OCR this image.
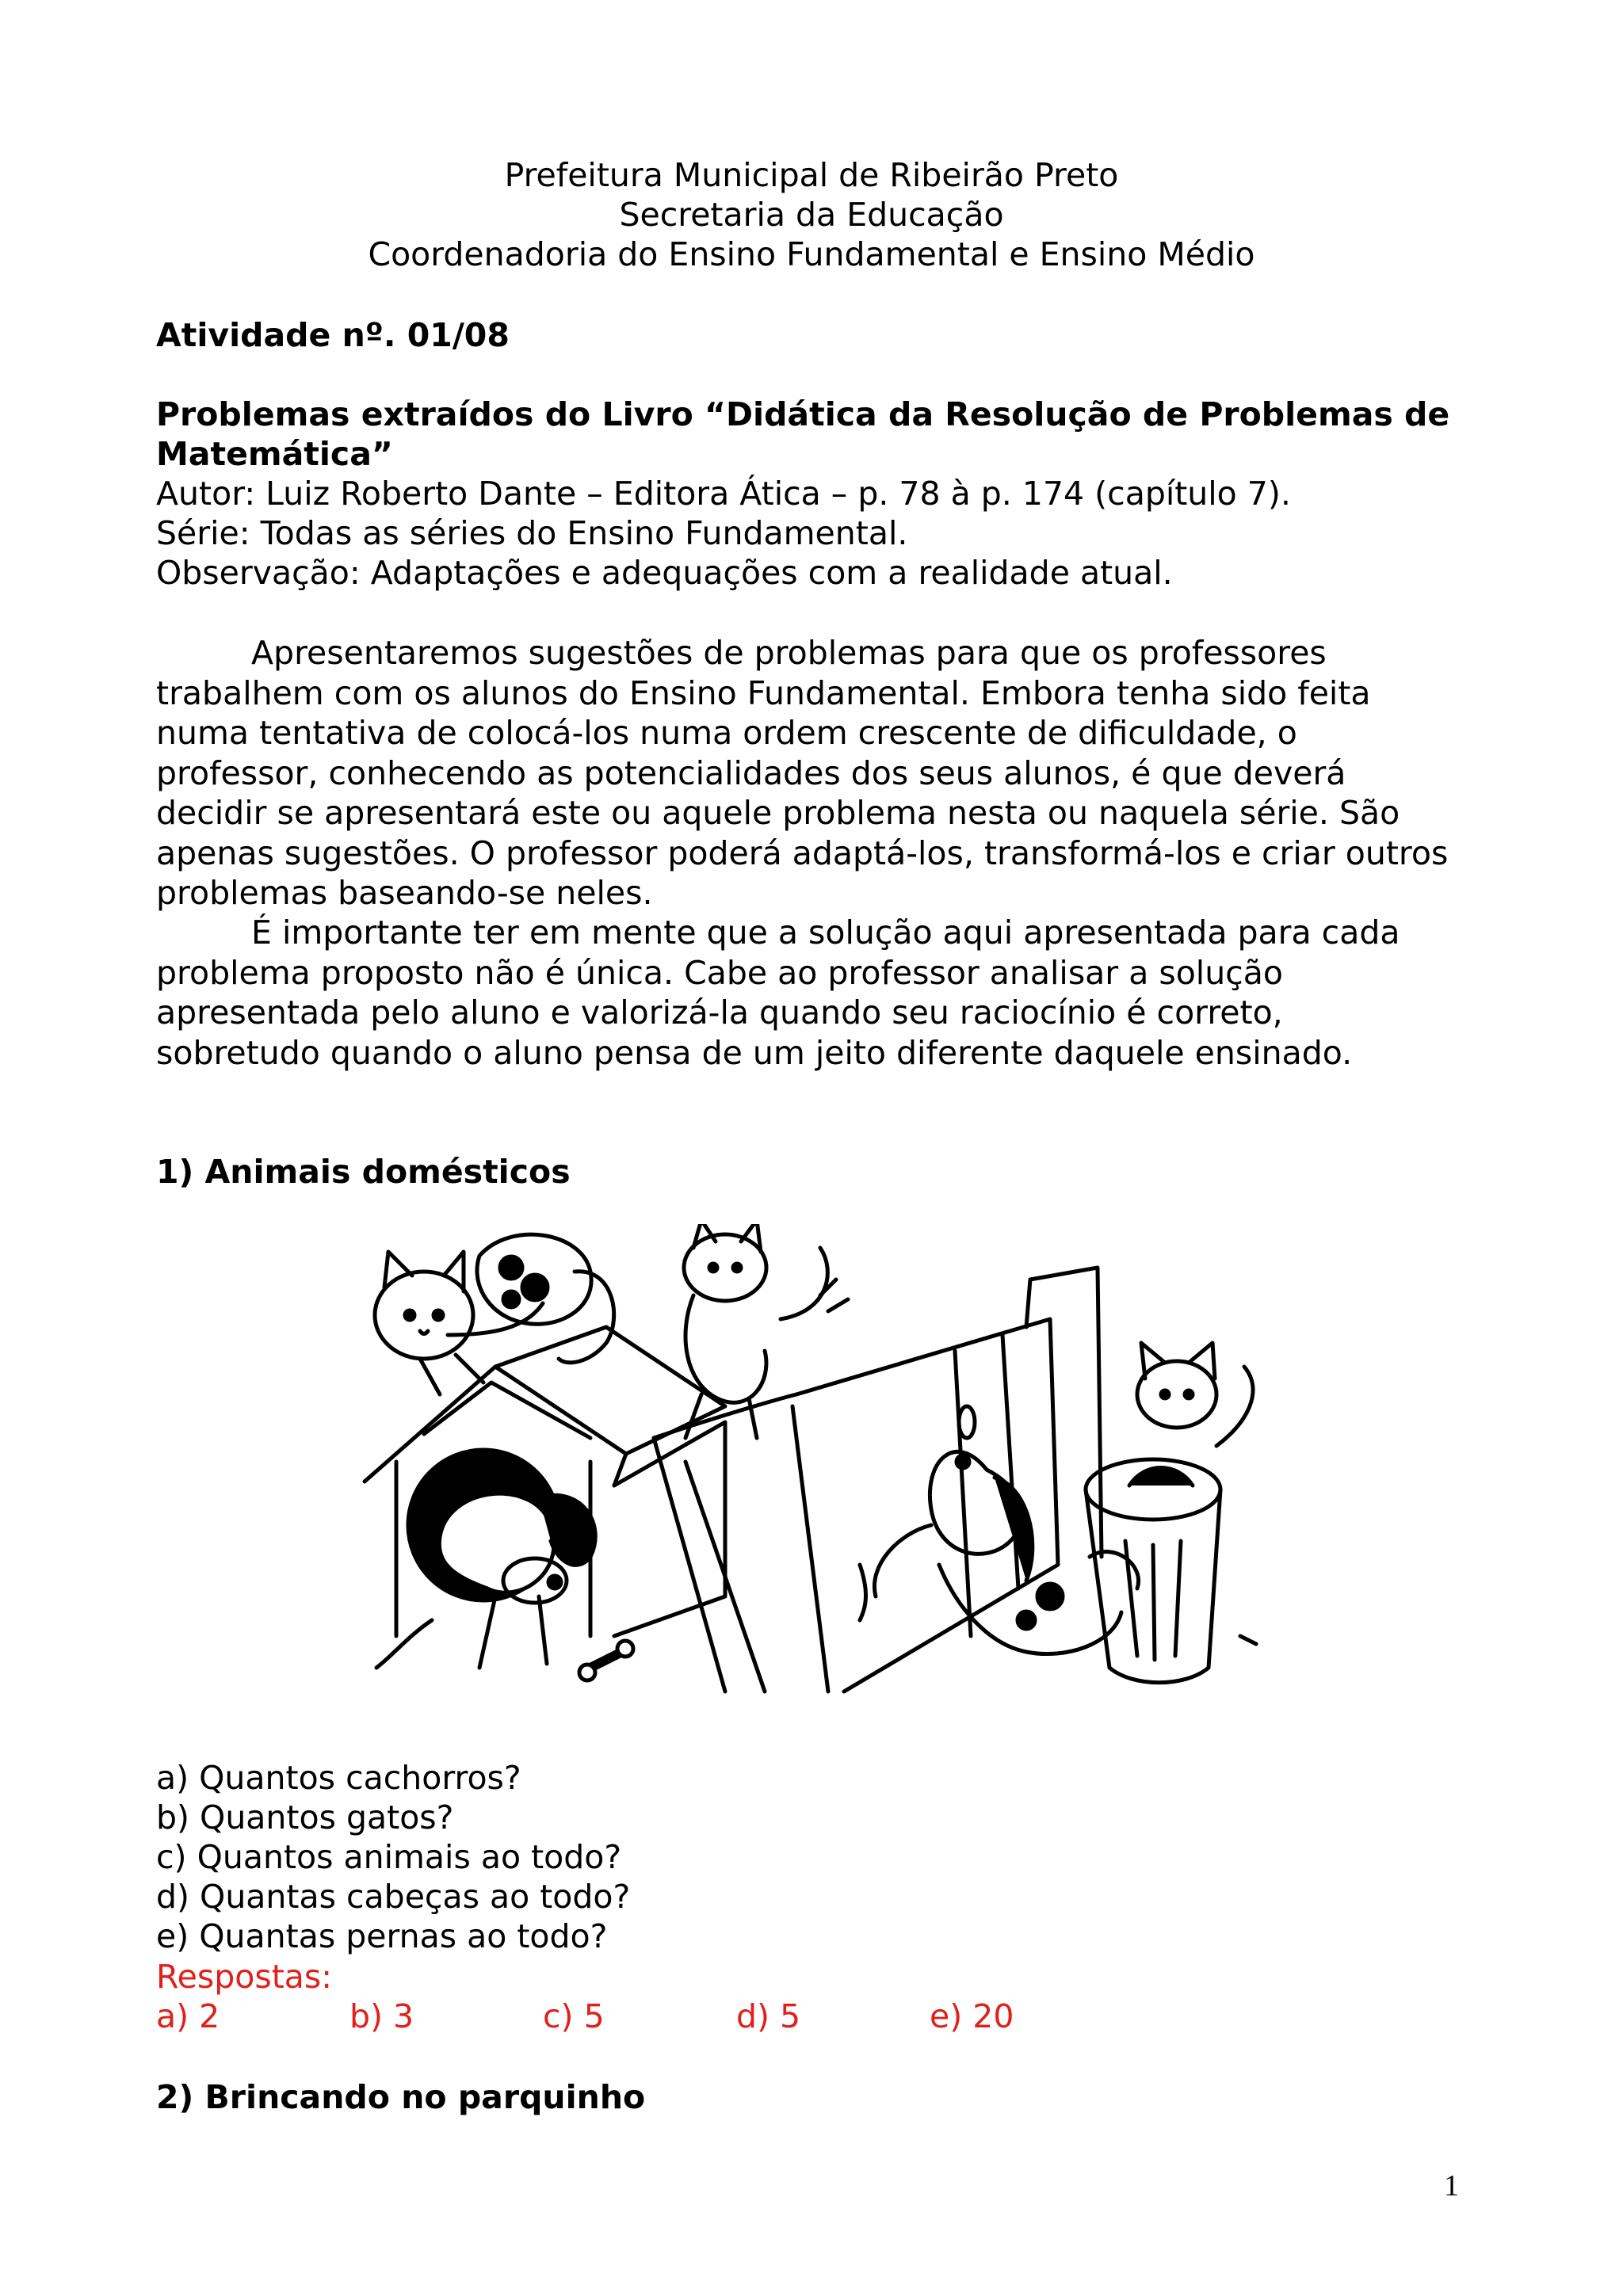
Prefeitura Municipal de Ribeirão Preto
Secretaria da Educação
Coordenadoria do Ensino Fundamental e Ensino Médio
Atividade nº. 01/08
Problemas extraídos do Livro “Didática da Resolução de Problemas de
Matemática”
Autor: Luiz Roberto Dante – Editora Ática – p. 78 à p. 174 (capítulo 7).
Série: Todas as séries do Ensino Fundamental.
Observação: Adaptações e adequações com a realidade atual.
Apresentaremos sugestões de problemas para que os professores
trabalhem com os alunos do Ensino Fundamental. Embora tenha sido feita
numa tentativa de colocá-los numa ordem crescente de dificuldade, o
professor, conhecendo as potencialidades dos seus alunos, é que deverá
decidir se apresentará este ou aquele problema nesta ou naquela série. São
apenas sugestões. O professor poderá adaptá-los, transformá-los e criar outros
problemas baseando-se neles.
É importante ter em mente que a solução aqui apresentada para cada
problema proposto não é única. Cabe ao professor analisar a solução
apresentada pelo aluno e valorizá-la quando seu raciocínio é correto,
sobretudo quando o aluno pensa de um jeito diferente daquele ensinado.
1) Animais domésticos
a) Quantos cachorros?
b) Quantos gatos?
c) Quantos animais ao todo?
d) Quantas cabeças ao todo?
e) Quantas pernas ao todo?
Respostas:
a) 2	b) 3	c) 5	d) 5	e) 20
2) Brincando no parquinho
1
